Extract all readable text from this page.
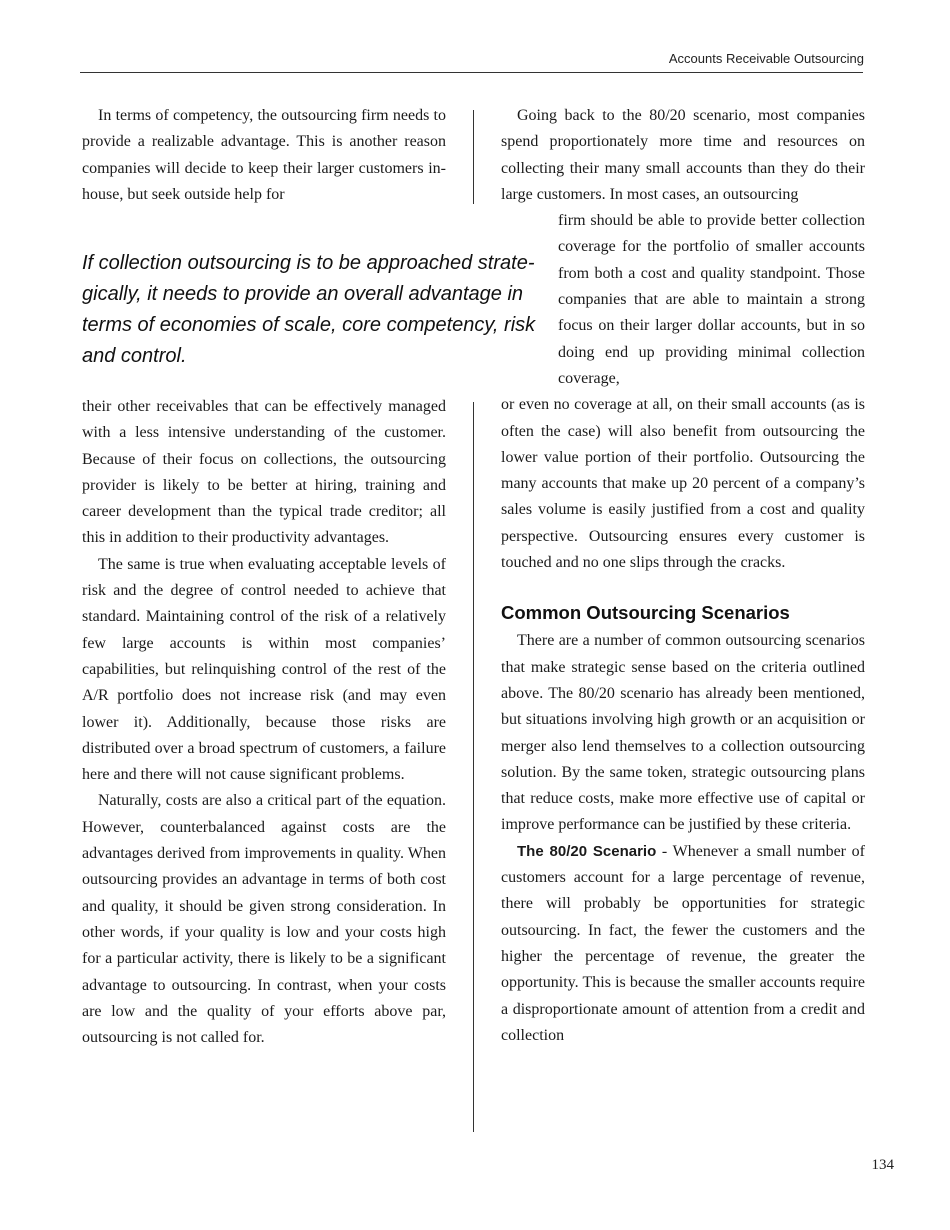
Accounts Receivable Outsourcing

In terms of competency, the outsourcing firm needs to provide a realizable advantage. This is another reason companies will decide to keep their larger customers in-house, but seek outside help for

If collection outsourcing is to be approached strate-gically, it needs to provide an overall advantage in terms of economies of scale, core competency, risk and control.

their other receivables that can be effectively managed with a less intensive understanding of the customer. Because of their focus on collections, the outsourcing provider is likely to be better at hiring, training and career development than the typical trade creditor; all this in addition to their productivity advantages.

The same is true when evaluating acceptable levels of risk and the degree of control needed to achieve that standard. Maintaining control of the risk of a relatively few large accounts is within most companies’ capabilities, but relinquishing control of the rest of the A/R portfolio does not increase risk (and may even lower it). Additionally, because those risks are distributed over a broad spectrum of customers, a failure here and there will not cause significant problems.

Naturally, costs are also a critical part of the equation. However, counterbalanced against costs are the advantages derived from improvements in quality. When outsourcing provides an advantage in terms of both cost and quality, it should be given strong consideration. In other words, if your quality is low and your costs high for a particular activity, there is likely to be a significant advantage to outsourcing. In contrast, when your costs are low and the quality of your efforts above par, outsourcing is not called for.

Going back to the 80/20 scenario, most companies spend proportionately more time and resources on collecting their many small accounts than they do their large customers. In most cases, an outsourcing

firm should be able to provide better collection coverage for the portfolio of smaller accounts from both a cost and quality standpoint. Those companies that are able to maintain a strong focus on their larger dollar accounts, but in so doing end up providing minimal collection coverage,

or even no coverage at all, on their small accounts (as is often the case) will also benefit from outsourcing the lower value portion of their portfolio. Outsourcing the many accounts that make up 20 percent of a company’s sales volume is easily justified from a cost and quality perspective. Outsourcing ensures every customer is touched and no one slips through the cracks.

Common Outsourcing Scenarios

There are a number of common outsourcing scenarios that make strategic sense based on the criteria outlined above. The 80/20 scenario has already been mentioned, but situations involving high growth or an acquisition or merger also lend themselves to a collection outsourcing solution. By the same token, strategic outsourcing plans that reduce costs, make more effective use of capital or improve performance can be justified by these criteria.

The 80/20 Scenario - Whenever a small number of customers account for a large percentage of revenue, there will probably be opportunities for strategic outsourcing. In fact, the fewer the customers and the higher the percentage of revenue, the greater the opportunity. This is because the smaller accounts require a disproportionate amount of attention from a credit and collection

134
